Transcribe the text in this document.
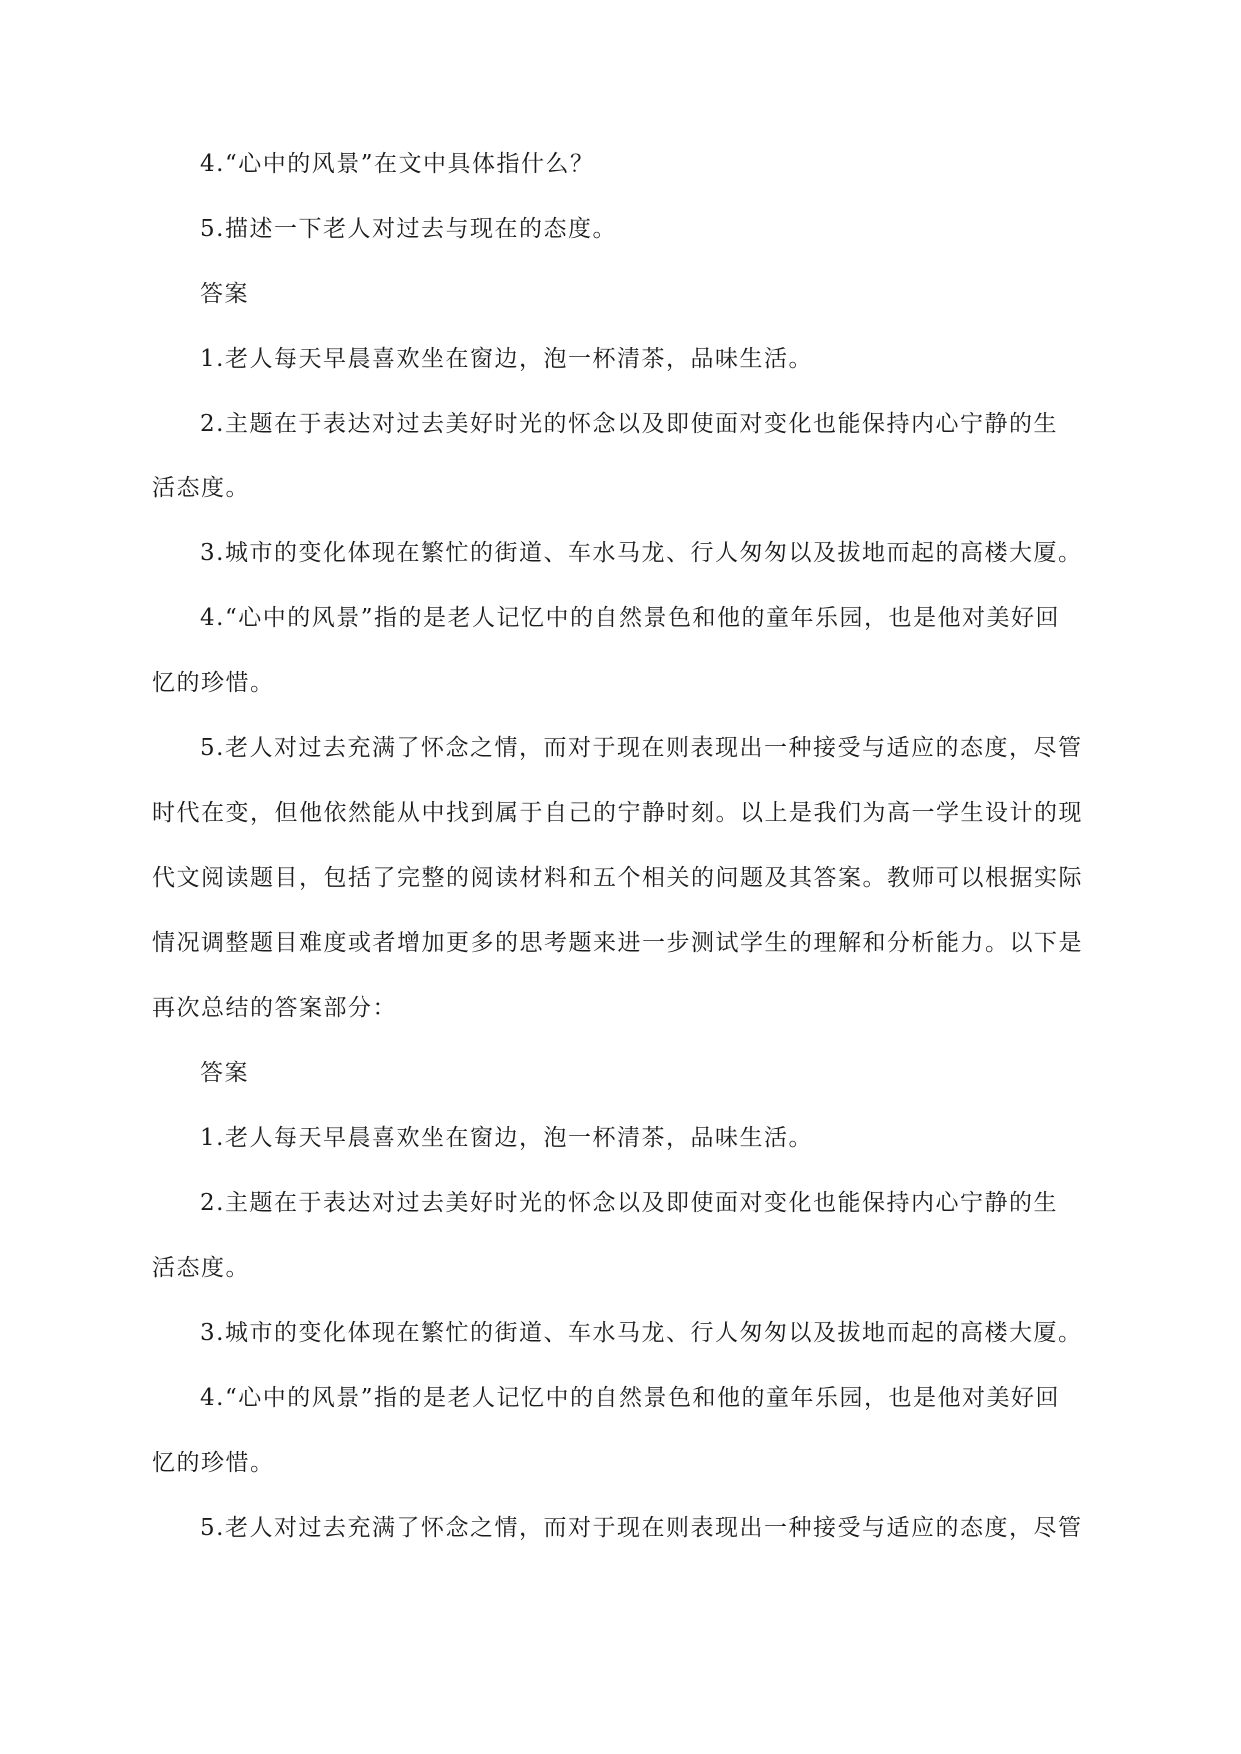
4.“心中的风景”在文中具体指什么？
5.描述一下老人对过去与现在的态度。
答案
1.老人每天早晨喜欢坐在窗边，泡一杯清茶，品味生活。
2.主题在于表达对过去美好时光的怀念以及即使面对变化也能保持内心宁静的生
活态度。
3.城市的变化体现在繁忙的街道、车水马龙、行人匆匆以及拔地而起的高楼大厦。
4.“心中的风景”指的是老人记忆中的自然景色和他的童年乐园，也是他对美好回
忆的珍惜。
5.老人对过去充满了怀念之情，而对于现在则表现出一种接受与适应的态度，尽管
时代在变，但他依然能从中找到属于自己的宁静时刻。以上是我们为高一学生设计的现
代文阅读题目，包括了完整的阅读材料和五个相关的问题及其答案。教师可以根据实际
情况调整题目难度或者增加更多的思考题来进一步测试学生的理解和分析能力。以下是
再次总结的答案部分：
答案
1.老人每天早晨喜欢坐在窗边，泡一杯清茶，品味生活。
2.主题在于表达对过去美好时光的怀念以及即使面对变化也能保持内心宁静的生
活态度。
3.城市的变化体现在繁忙的街道、车水马龙、行人匆匆以及拔地而起的高楼大厦。
4.“心中的风景”指的是老人记忆中的自然景色和他的童年乐园，也是他对美好回
忆的珍惜。
5.老人对过去充满了怀念之情，而对于现在则表现出一种接受与适应的态度，尽管
